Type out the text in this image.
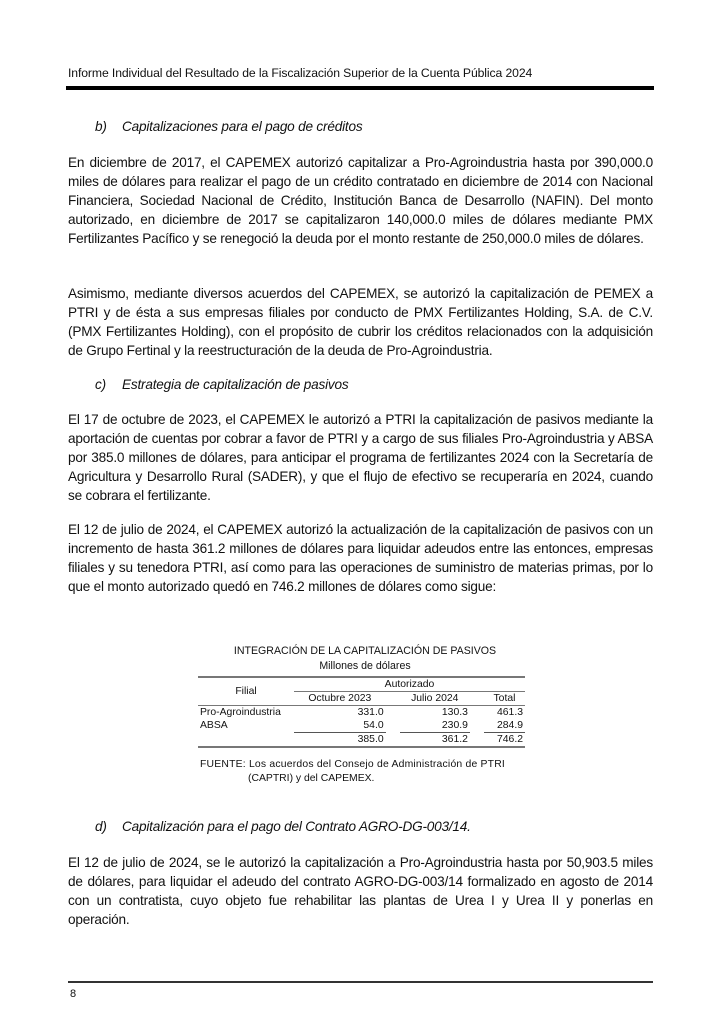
Informe Individual del Resultado de la Fiscalización Superior de la Cuenta Pública 2024
b) Capitalizaciones para el pago de créditos
En diciembre de 2017, el CAPEMEX autorizó capitalizar a Pro-Agroindustria hasta por 390,000.0 miles de dólares para realizar el pago de un crédito contratado en diciembre de 2014 con Nacional Financiera, Sociedad Nacional de Crédito, Institución Banca de Desarrollo (NAFIN). Del monto autorizado, en diciembre de 2017 se capitalizaron 140,000.0 miles de dólares mediante PMX Fertilizantes Pacífico y se renegoció la deuda por el monto restante de 250,000.0 miles de dólares.
Asimismo, mediante diversos acuerdos del CAPEMEX, se autorizó la capitalización de PEMEX a PTRI y de ésta a sus empresas filiales por conducto de PMX Fertilizantes Holding, S.A. de C.V. (PMX Fertilizantes Holding), con el propósito de cubrir los créditos relacionados con la adquisición de Grupo Fertinal y la reestructuración de la deuda de Pro-Agroindustria.
c) Estrategia de capitalización de pasivos
El 17 de octubre de 2023, el CAPEMEX le autorizó a PTRI la capitalización de pasivos mediante la aportación de cuentas por cobrar a favor de PTRI y a cargo de sus filiales Pro-Agroindustria y ABSA por 385.0 millones de dólares, para anticipar el programa de fertilizantes 2024 con la Secretaría de Agricultura y Desarrollo Rural (SADER), y que el flujo de efectivo se recuperaría en 2024, cuando se cobrara el fertilizante.
El 12 de julio de 2024, el CAPEMEX autorizó la actualización de la capitalización de pasivos con un incremento de hasta 361.2 millones de dólares para liquidar adeudos entre las entonces, empresas filiales y su tenedora PTRI, así como para las operaciones de suministro de materias primas, por lo que el monto autorizado quedó en 746.2 millones de dólares como sigue:
INTEGRACIÓN DE LA CAPITALIZACIÓN DE PASIVOS
Millones de dólares
Filial	Autorizado				
	Octubre 2023		Julio 2024		Total
Pro-Agroindustria	331.0		130.3		461.3
ABSA	54.0		230.9		284.9
	385.0		361.2		746.2
FUENTE: Los acuerdos del Consejo de Administración de PTRI
(CAPTRI) y del CAPEMEX.
d) Capitalización para el pago del Contrato AGRO-DG-003/14.
El 12 de julio de 2024, se le autorizó la capitalización a Pro-Agroindustria hasta por 50,903.5 miles de dólares, para liquidar el adeudo del contrato AGRO-DG-003/14 formalizado en agosto de 2014 con un contratista, cuyo objeto fue rehabilitar las plantas de Urea I y Urea II y ponerlas en operación.
8
